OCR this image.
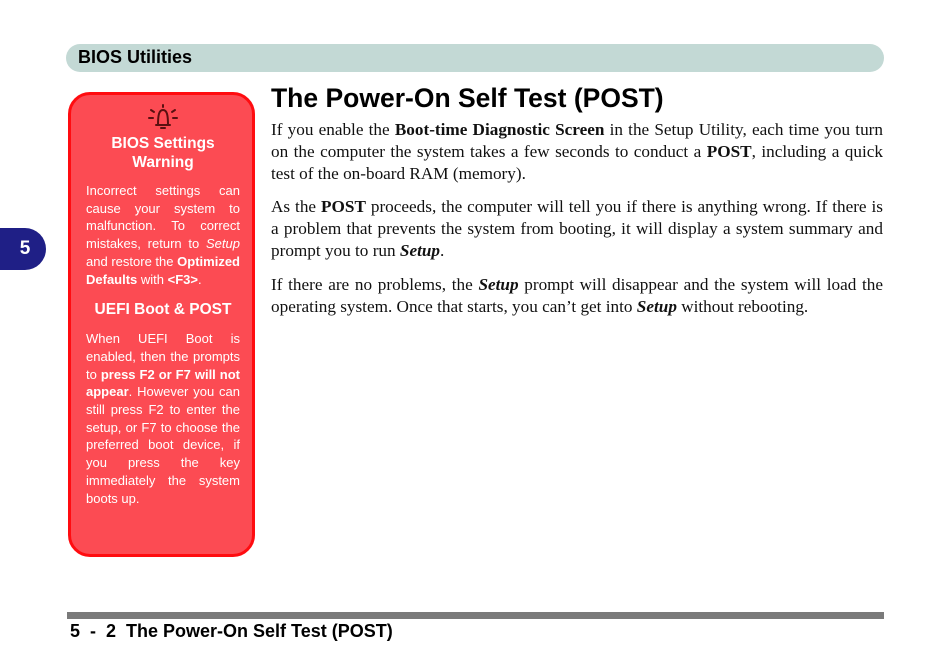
BIOS Utilities
5
BIOS Settings Warning

Incorrect settings can cause your system to malfunction. To correct mistakes, return to Setup and restore the Optimized Defaults with <F3>.

UEFI Boot & POST

When UEFI Boot is enabled, then the prompts to press F2 or F7 will not appear. However you can still press F2 to enter the setup, or F7 to choose the preferred boot device, if you press the key immediately the system boots up.

The Power-On Self Test (POST)

If you enable the Boot-time Diagnostic Screen in the Setup Utility, each time you turn on the computer the system takes a few seconds to conduct a POST, including a quick test of the on-board RAM (memory).

As the POST proceeds, the computer will tell you if there is anything wrong. If there is a problem that prevents the system from booting, it will display a system summary and prompt you to run Setup.

If there are no problems, the Setup prompt will disappear and the system will load the operating system. Once that starts, you can’t get into Setup without rebooting.

5  -  2  The Power-On Self Test (POST)
